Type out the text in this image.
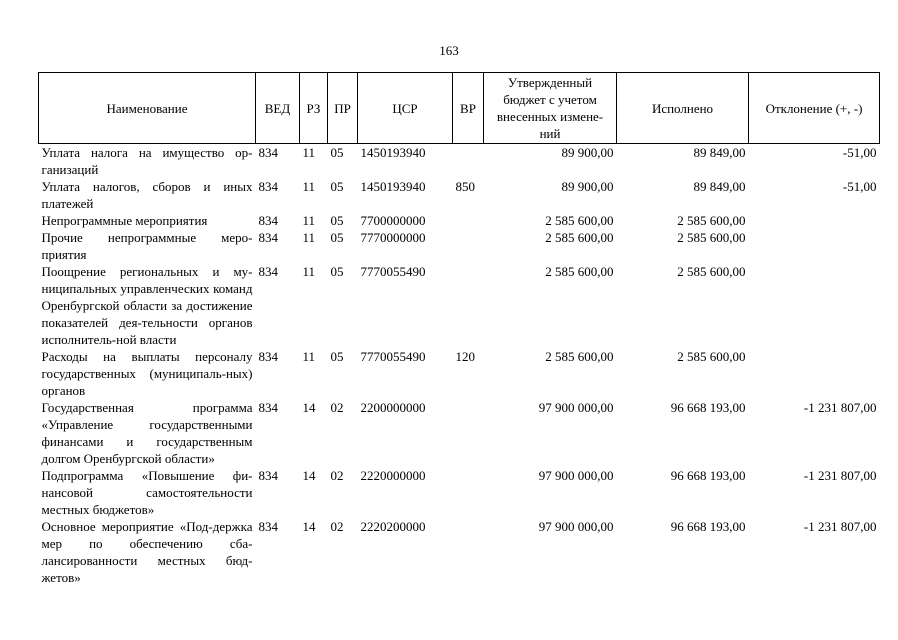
163
Наименование	ВЕД	РЗ	ПР	ЦСР	ВР	Утвержденный бюджет с учетом внесенных измене-ний	Исполнено	Отклонение (+, -)
Уплата налога на имущество ор-ганизаций	834	11	05	1450193940		89 900,00	89 849,00	-51,00
Уплата налогов, сборов и иных платежей	834	11	05	1450193940	850	89 900,00	89 849,00	-51,00
Непрограммные мероприятия	834	11	05	7700000000		2 585 600,00	2 585 600,00	
Прочие непрограммные меро-приятия	834	11	05	7770000000		2 585 600,00	2 585 600,00	
Поощрение региональных и му-ниципальных управленческих команд Оренбургской области за достижение показателей дея-тельности органов исполнитель-ной власти	834	11	05	7770055490		2 585 600,00	2 585 600,00	
Расходы на выплаты персоналу государственных (муниципаль-ных) органов	834	11	05	7770055490	120	2 585 600,00	2 585 600,00	
Государственная программа «Управление государственными финансами и государственным долгом Оренбургской области»	834	14	02	2200000000		97 900 000,00	96 668 193,00	-1 231 807,00
Подпрограмма «Повышение фи-нансовой самостоятельности местных бюджетов»	834	14	02	2220000000		97 900 000,00	96 668 193,00	-1 231 807,00
Основное мероприятие «Под-держка мер по обеспечению сба-лансированности местных бюд-жетов»	834	14	02	2220200000		97 900 000,00	96 668 193,00	-1 231 807,00
